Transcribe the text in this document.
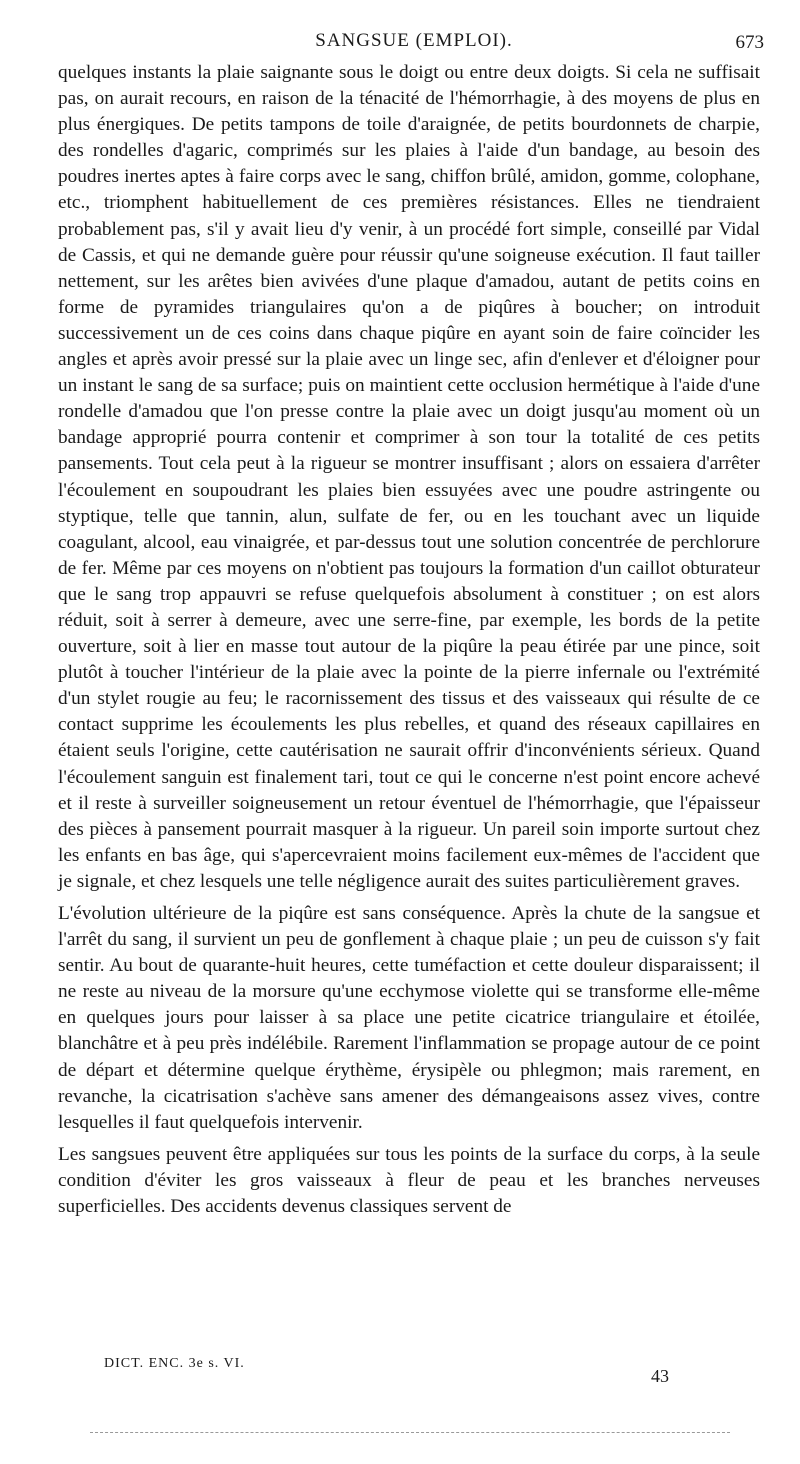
SANGSUE (EMPLOI).	673

quelques instants la plaie saignante sous le doigt ou entre deux doigts. Si cela ne suffisait pas, on aurait recours, en raison de la ténacité de l'hémorrhagie, à des moyens de plus en plus énergiques. De petits tampons de toile d'araignée, de petits bourdonnets de charpie, des rondelles d'agaric, comprimés sur les plaies à l'aide d'un bandage, au besoin des poudres inertes aptes à faire corps avec le sang, chiffon brûlé, amidon, gomme, colophane, etc., triomphent habituellement de ces premières résistances. Elles ne tiendraient probablement pas, s'il y avait lieu d'y venir, à un procédé fort simple, conseillé par Vidal de Cassis, et qui ne demande guère pour réussir qu'une soigneuse exécution. Il faut tailler nettement, sur les arêtes bien avivées d'une plaque d'amadou, autant de petits coins en forme de pyramides triangulaires qu'on a de piqûres à boucher; on introduit successivement un de ces coins dans chaque piqûre en ayant soin de faire coïncider les angles et après avoir pressé sur la plaie avec un linge sec, afin d'enlever et d'éloigner pour un instant le sang de sa surface; puis on maintient cette occlusion hermétique à l'aide d'une rondelle d'amadou que l'on presse contre la plaie avec un doigt jusqu'au moment où un bandage approprié pourra contenir et comprimer à son tour la totalité de ces petits pansements. Tout cela peut à la rigueur se montrer insuffisant ; alors on essaiera d'arrêter l'écoulement en soupoudrant les plaies bien essuyées avec une poudre astringente ou styptique, telle que tannin, alun, sulfate de fer, ou en les touchant avec un liquide coagulant, alcool, eau vinaigrée, et par-dessus tout une solution concentrée de perchlorure de fer. Même par ces moyens on n'obtient pas toujours la formation d'un caillot obturateur que le sang trop appauvri se refuse quelquefois absolument à constituer ; on est alors réduit, soit à serrer à demeure, avec une serre-fine, par exemple, les bords de la petite ouverture, soit à lier en masse tout autour de la piqûre la peau étirée par une pince, soit plutôt à toucher l'intérieur de la plaie avec la pointe de la pierre infernale ou l'extrémité d'un stylet rougie au feu; le racornissement des tissus et des vaisseaux qui résulte de ce contact supprime les écoulements les plus rebelles, et quand des réseaux capillaires en étaient seuls l'origine, cette cautérisation ne saurait offrir d'inconvénients sérieux. Quand l'écoulement sanguin est finalement tari, tout ce qui le concerne n'est point encore achevé et il reste à surveiller soigneusement un retour éventuel de l'hémorrhagie, que l'épaisseur des pièces à pansement pourrait masquer à la rigueur. Un pareil soin importe surtout chez les enfants en bas âge, qui s'apercevraient moins facilement eux-mêmes de l'accident que je signale, et chez lesquels une telle négligence aurait des suites particulièrement graves.

L'évolution ultérieure de la piqûre est sans conséquence. Après la chute de la sangsue et l'arrêt du sang, il survient un peu de gonflement à chaque plaie ; un peu de cuisson s'y fait sentir. Au bout de quarante-huit heures, cette tuméfaction et cette douleur disparaissent; il ne reste au niveau de la morsure qu'une ecchymose violette qui se transforme elle-même en quelques jours pour laisser à sa place une petite cicatrice triangulaire et étoilée, blanchâtre et à peu près indélébile. Rarement l'inflammation se propage autour de ce point de départ et détermine quelque érythème, érysipèle ou phlegmon; mais rarement, en revanche, la cicatrisation s'achève sans amener des démangeaisons assez vives, contre lesquelles il faut quelquefois intervenir.

Les sangsues peuvent être appliquées sur tous les points de la surface du corps, à la seule condition d'éviter les gros vaisseaux à fleur de peau et les branches nerveuses superficielles. Des accidents devenus classiques servent de

DICT. ENC. 3e s. VI.
43
